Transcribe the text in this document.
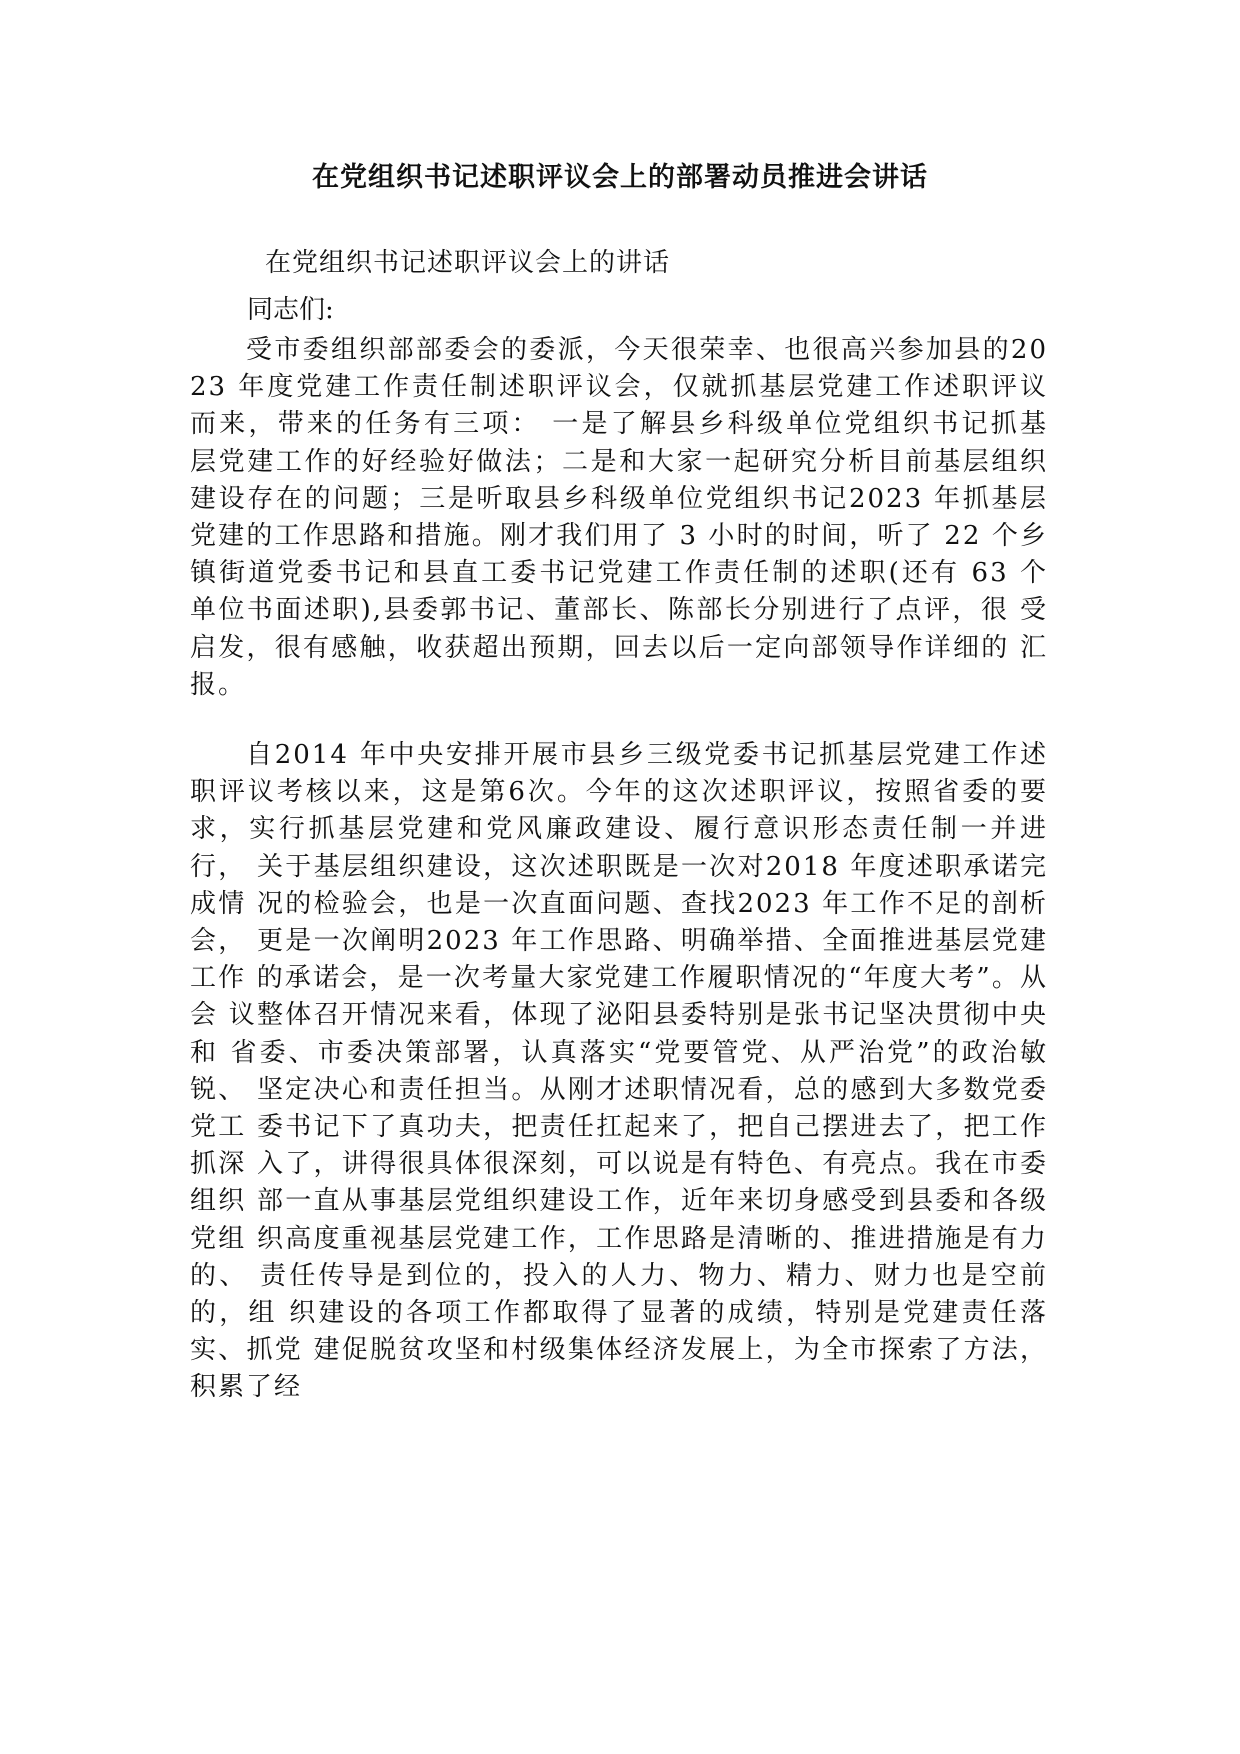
在党组织书记述职评议会上的部署动员推进会讲话
在党组织书记述职评议会上的讲话
同志们:

受市委组织部部委会的委派，今天很荣幸、也很高兴参加县的2023 年度党建工作责任制述职评议会，仅就抓基层党建工作述职评议而来，带来的任务有三项： 一是了解县乡科级单位党组织书记抓基 层党建工作的好经验好做法；二是和大家一起研究分析目前基层组织 建设存在的问题；三是听取县乡科级单位党组织书记2023 年抓基层 党建的工作思路和措施。刚才我们用了 3 小时的时间，听了 22 个乡 镇街道党委书记和县直工委书记党建工作责任制的述职(还有 63 个 单位书面述职),县委郭书记、董部长、陈部长分别进行了点评，很 受启发，很有感触，收获超出预期，回去以后一定向部领导作详细的 汇报。

自2014 年中央安排开展市县乡三级党委书记抓基层党建工作述职评议考核以来，这是第6次。今年的这次述职评议，按照省委的要求，实行抓基层党建和党风廉政建设、履行意识形态责任制一并进行， 关于基层组织建设，这次述职既是一次对2018 年度述职承诺完成情 况的检验会，也是一次直面问题、查找2023 年工作不足的剖析会， 更是一次阐明2023 年工作思路、明确举措、全面推进基层党建工作 的承诺会，是一次考量大家党建工作履职情况的“年度大考”。从会 议整体召开情况来看，体现了泌阳县委特别是张书记坚决贯彻中央和 省委、市委决策部署，认真落实“党要管党、从严治党”的政治敏锐、 坚定决心和责任担当。从刚才述职情况看，总的感到大多数党委党工 委书记下了真功夫，把责任扛起来了，把自己摆进去了，把工作抓深 入了，讲得很具体很深刻，可以说是有特色、有亮点。我在市委组织 部一直从事基层党组织建设工作，近年来切身感受到县委和各级党组 织高度重视基层党建工作，工作思路是清晰的、推进措施是有力的、 责任传导是到位的，投入的人力、物力、精力、财力也是空前的，组 织建设的各项工作都取得了显著的成绩，特别是党建责任落实、抓党 建促脱贫攻坚和村级集体经济发展上，为全市探索了方法，积累了经
